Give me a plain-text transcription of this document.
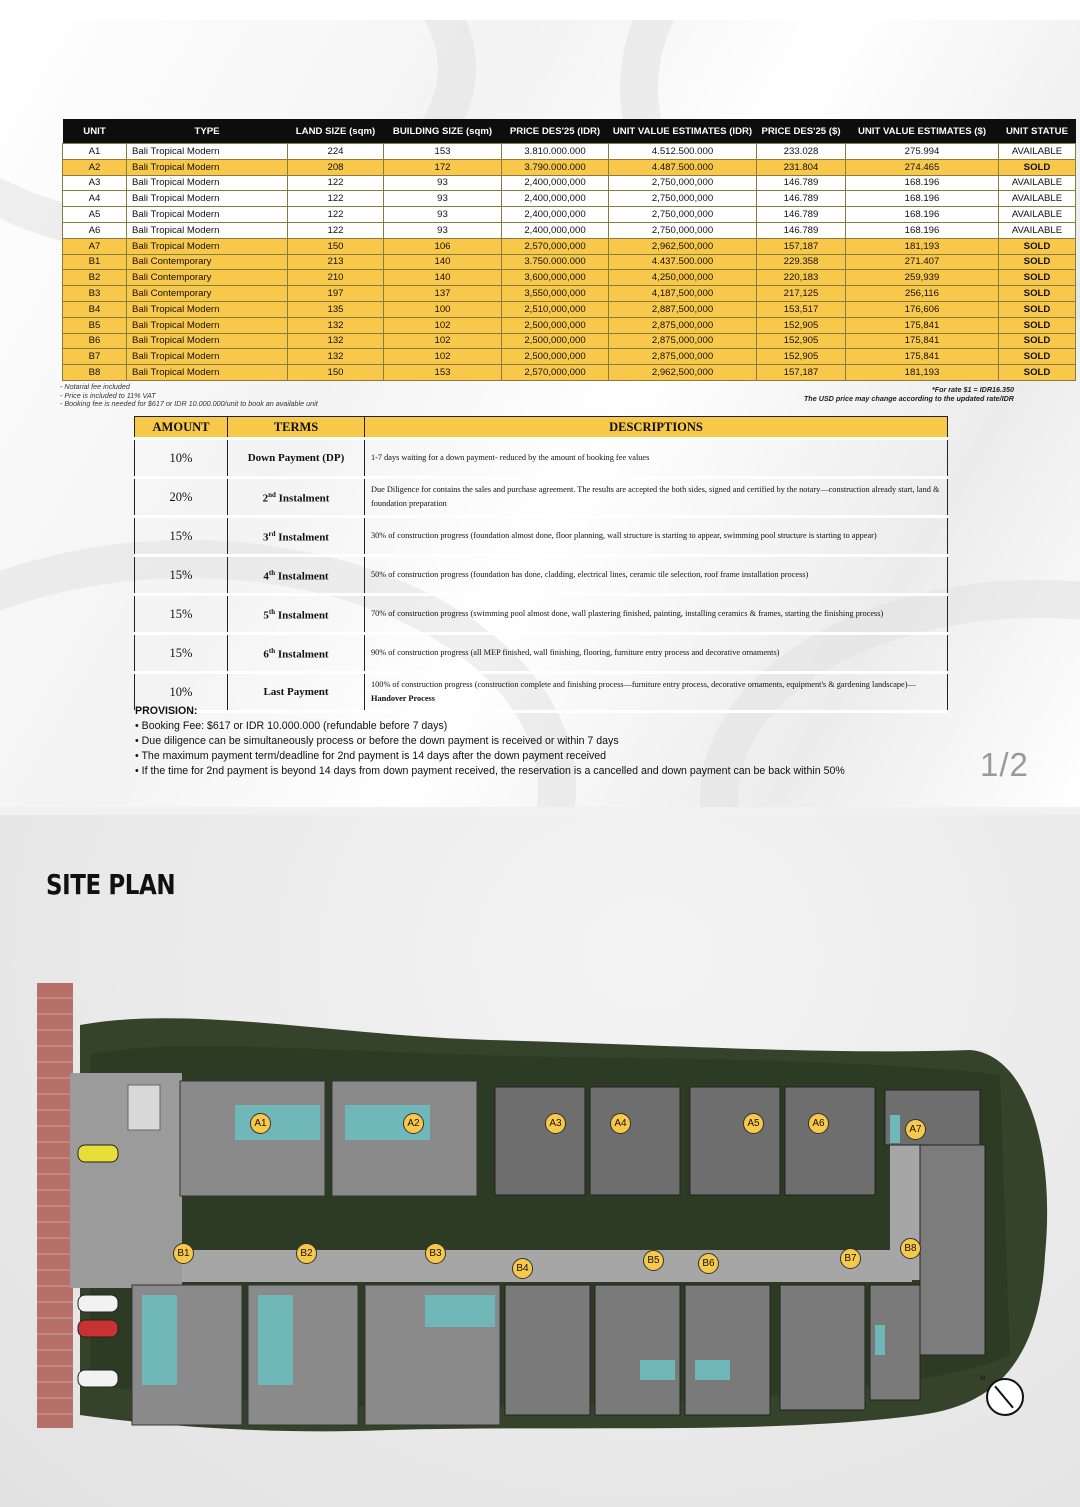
UNIT	TYPE	LAND SIZE (sqm)	BUILDING SIZE (sqm)	PRICE DES'25 (IDR)	UNIT VALUE ESTIMATES (IDR)	PRICE DES'25 ($)	UNIT VALUE ESTIMATES ($)	UNIT STATUE
A1	Bali Tropical Modern	224	153	3.810.000.000	4.512.500.000	233.028	275.994	AVAILABLE
A2	Bali Tropical Modern	208	172	3.790.000.000	4.487.500.000	231.804	274.465	SOLD
A3	Bali Tropical Modern	122	93	2,400,000,000	2,750,000,000	146.789	168.196	AVAILABLE
A4	Bali Tropical Modern	122	93	2,400,000,000	2,750,000,000	146.789	168.196	AVAILABLE
A5	Bali Tropical Modern	122	93	2,400,000,000	2,750,000,000	146.789	168.196	AVAILABLE
A6	Bali Tropical Modern	122	93	2,400,000,000	2,750,000,000	146.789	168.196	AVAILABLE
A7	Bali Tropical Modern	150	106	2,570,000,000	2,962,500,000	157,187	181,193	SOLD
B1	Bali Contemporary	213	140	3.750.000.000	4.437.500.000	229.358	271.407	SOLD
B2	Bali Contemporary	210	140	3,600,000,000	4,250,000,000	220,183	259,939	SOLD
B3	Bali Contemporary	197	137	3,550,000,000	4,187,500,000	217,125	256,116	SOLD
B4	Bali Tropical Modern	135	100	2,510,000,000	2,887,500,000	153,517	176,606	SOLD
B5	Bali Tropical Modern	132	102	2,500,000,000	2,875,000,000	152,905	175,841	SOLD
B6	Bali Tropical Modern	132	102	2,500,000,000	2,875,000,000	152,905	175,841	SOLD
B7	Bali Tropical Modern	132	102	2,500,000,000	2,875,000,000	152,905	175,841	SOLD
B8	Bali Tropical Modern	150	153	2,570,000,000	2,962,500,000	157,187	181,193	SOLD
- Notarial fee included
- Price is included to 11% VAT
- Booking fee is needed for $617 or IDR 10.000.000/unit to book an available unit
*For rate $1 = IDR16.350
The USD price may change according to the updated rate/IDR
AMOUNT	TERMS	DESCRIPTIONS
10%	Down Payment (DP)	1-7 days waiting for a down payment- reduced by the amount of booking fee values
20%	2nd Instalment	Due Diligence for contains the sales and purchase agreement. The results are accepted the both sides, signed and certified by the notary—construction already start, land & foundation preparation
15%	3rd Instalment	30% of construction progress (foundation almost done, floor planning, wall structure is starting to appear, swimming pool structure is starting to appear)
15%	4th Instalment	50% of construction progress (foundation has done, cladding, electrical lines, ceramic tile selection, roof frame installation process)
15%	5th Instalment	70% of construction progress (swimming pool almost done, wall plastering finished, painting, installing ceramics & frames, starting the finishing process)
15%	6th Instalment	90% of construction progress (all MEP finished, wall finishing, flooring, furniture entry process and decorative ornaments)
10%	Last Payment	100% of construction progress (construction complete and finishing process—furniture entry process, decorative ornaments, equipment's & gardening landscape)— Handover Process
PROVISION:
• Booking Fee: $617 or IDR 10.000.000 (refundable before 7 days)
• Due diligence can be simultaneously process or before the down payment is received or within 7 days
• The maximum payment term/deadline for 2nd payment is 14 days after the down payment received
• If the time for 2nd payment is beyond 14 days from down payment received, the reservation is a cancelled and down payment can be back within 50%	1/2
SITE PLAN
A1	A2	A3	A4	A5	A6
A7
B1	B2	B3
B4
B5	B6	B7
B8
N
